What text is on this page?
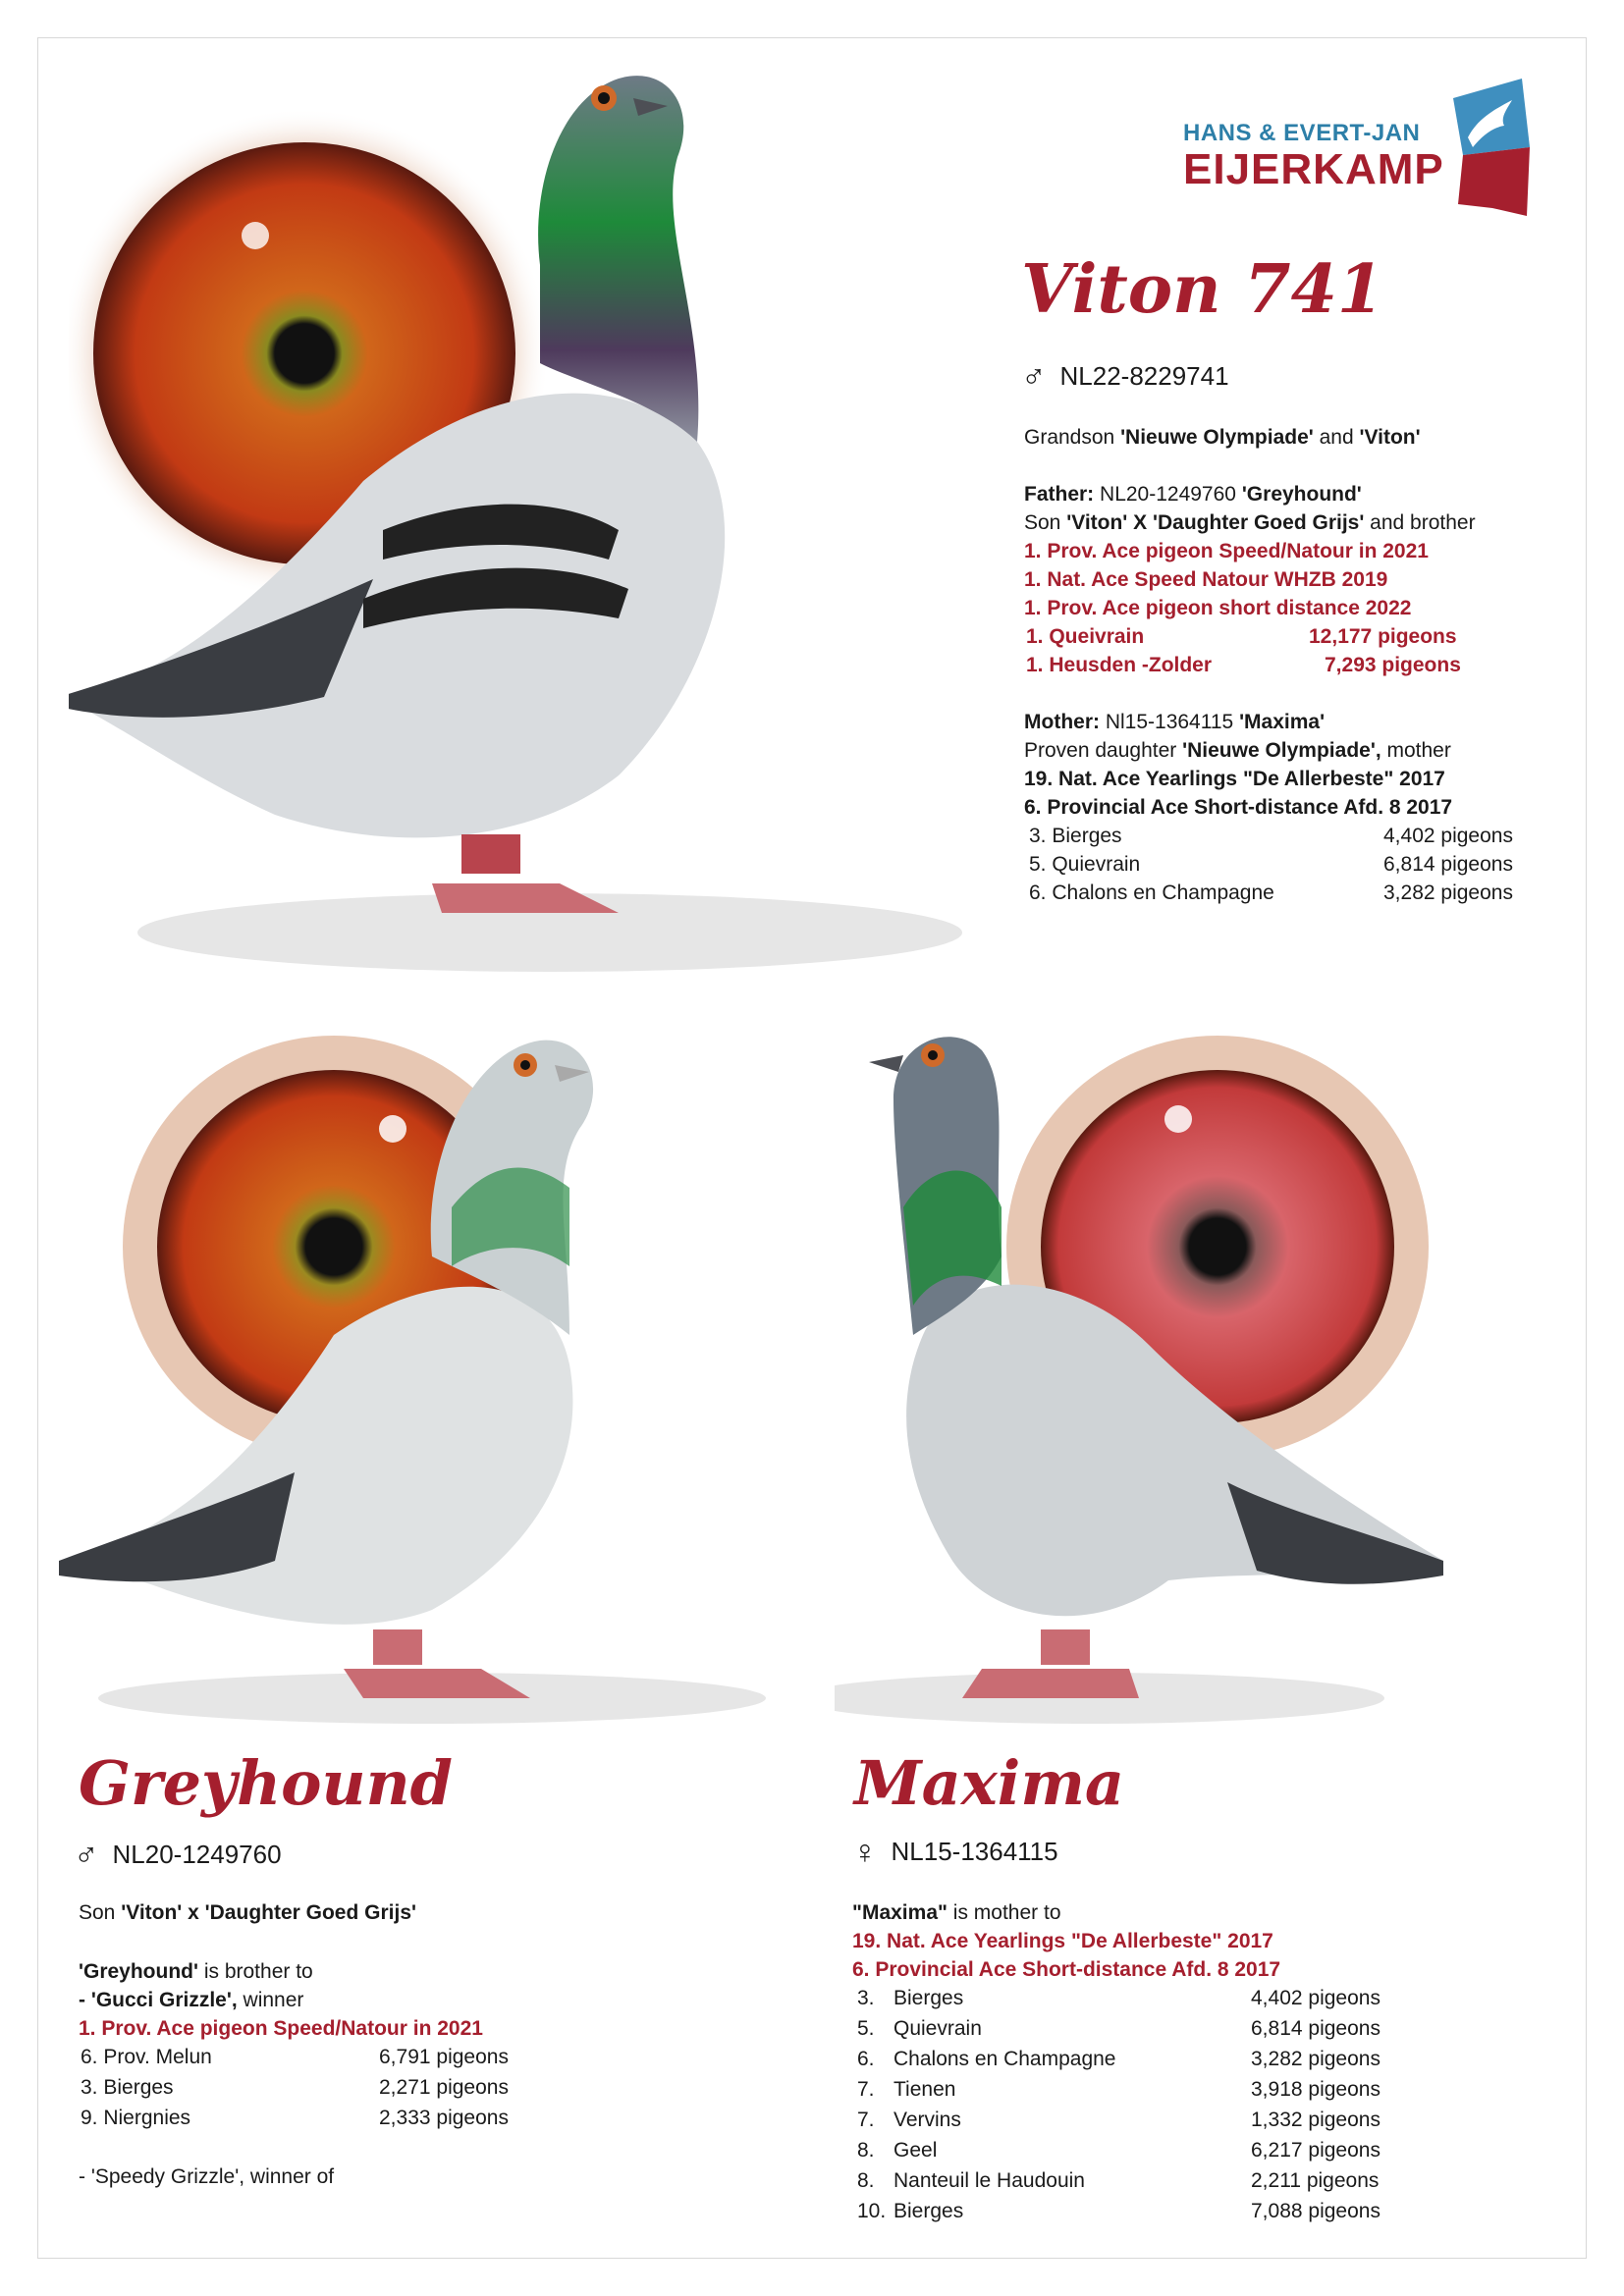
HANS & EVERT-JAN
EIJERKAMP
Viton 741
♂ NL22-8229741
Grandson 'Nieuwe Olympiade' and 'Viton'
Father: NL20-1249760 'Greyhound'
Son 'Viton' X 'Daughter Goed Grijs' and brother
1. Prov. Ace pigeon Speed/Natour in 2021
1. Nat. Ace Speed Natour WHZB 2019
1. Prov. Ace pigeon short distance 2022
1. Queivrain	12,177 pigeons
1. Heusden -Zolder	7,293 pigeons
Mother: Nl15-1364115 'Maxima'
Proven daughter 'Nieuwe Olympiade', mother
19. Nat. Ace Yearlings "De Allerbeste" 2017
6. Provincial Ace Short-distance Afd. 8 2017
3. Bierges	4,402 pigeons
5. Quievrain	6,814 pigeons
6. Chalons en Champagne	3,282 pigeons
Greyhound
♂ NL20-1249760
Son 'Viton' x 'Daughter Goed Grijs'
'Greyhound' is brother to
- 'Gucci Grizzle', winner
1. Prov. Ace pigeon Speed/Natour in 2021
6. Prov. Melun	6,791 pigeons
3. Bierges	2,271 pigeons
9. Niergnies	2,333 pigeons
- 'Speedy Grizzle', winner of
Maxima
♀ NL15-1364115
"Maxima" is mother to
19. Nat. Ace Yearlings "De Allerbeste" 2017
6. Provincial Ace Short-distance Afd. 8 2017
3. Bierges	4,402 pigeons
5. Quievrain	6,814 pigeons
6. Chalons en Champagne	3,282 pigeons
7. Tienen	3,918 pigeons
7. Vervins	1,332 pigeons
8. Geel	6,217 pigeons
8. Nanteuil le Haudouin	2,211 pigeons
10. Bierges	7,088 pigeons
